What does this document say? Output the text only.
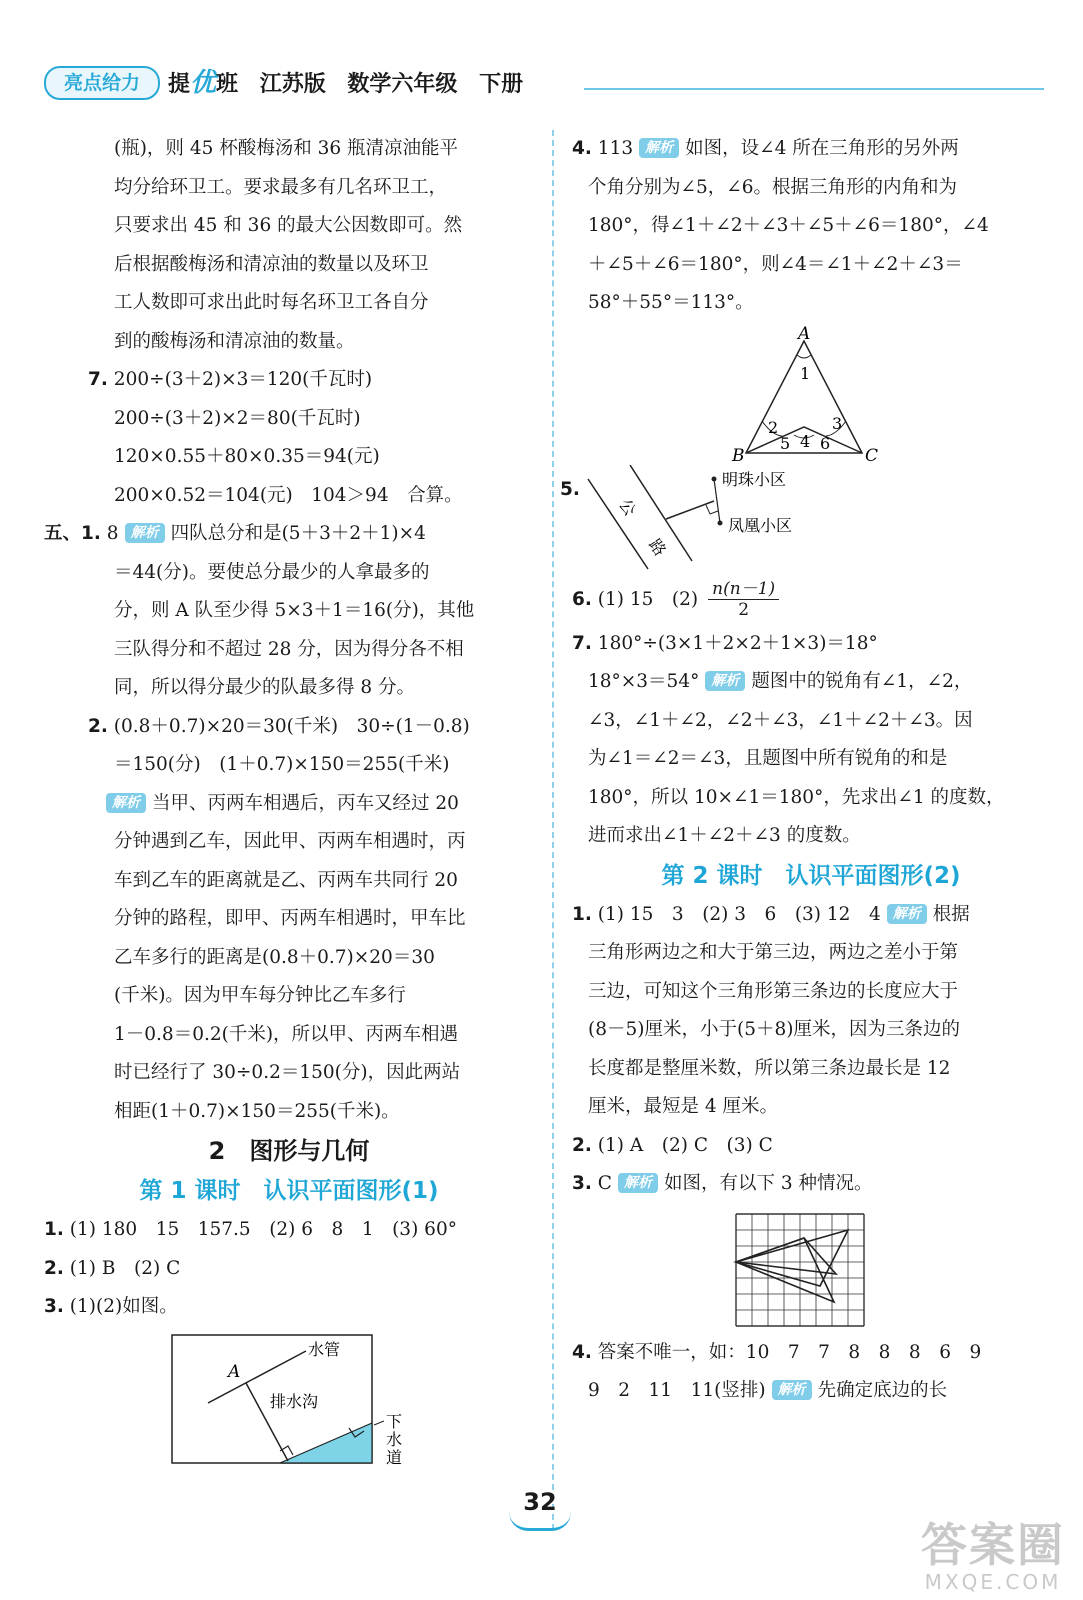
亮点给力	提优班 江苏版 数学六年级 下册
(瓶)，则 45 杯酸梅汤和 36 瓶清凉油能平
均分给环卫工。要求最多有几名环卫工，
只要求出 45 和 36 的最大公因数即可。然
后根据酸梅汤和清凉油的数量以及环卫
工人数即可求出此时每名环卫工各自分
到的酸梅汤和清凉油的数量。
7. 200÷(3＋2)×3＝120(千瓦时)
200÷(3＋2)×2＝80(千瓦时)
120×0.55＋80×0.35＝94(元)
200×0.52＝104(元)　104＞94　合算。
五、1. 8 解析 四队总分和是(5＋3＋2＋1)×4
＝44(分)。要使总分最少的人拿最多的
分，则 A 队至少得 5×3＋1＝16(分)，其他
三队得分和不超过 28 分，因为得分各不相
同，所以得分最少的队最多得 8 分。
2. (0.8＋0.7)×20＝30(千米)　30÷(1－0.8)
＝150(分)　(1＋0.7)×150＝255(千米)
解析 当甲、丙两车相遇后，丙车又经过 20
分钟遇到乙车，因此甲、丙两车相遇时，丙
车到乙车的距离就是乙、丙两车共同行 20
分钟的路程，即甲、丙两车相遇时，甲车比
乙车多行的距离是(0.8＋0.7)×20＝30
(千米)。因为甲车每分钟比乙车多行
1－0.8＝0.2(千米)，所以甲、丙两车相遇
时已经行了 30÷0.2＝150(分)，因此两站
相距(1＋0.7)×150＝255(千米)。
2　图形与几何
第 1 课时　认识平面图形(1)
1. (1) 180　15　157.5　(2) 6　8　1　(3) 60°
2. (1) B　(2) C
3. (1)(2)如图。
A
水管
排水沟
下
水
道
4. 113 解析 如图，设∠4 所在三角形的另外两
个角分别为∠5，∠6。根据三角形的内角和为
180°，得∠1＋∠2＋∠3＋∠5＋∠6＝180°，∠4
＋∠5＋∠6＝180°，则∠4＝∠1＋∠2＋∠3＝
58°＋55°＝113°。
A
B	C
1
2	3
4
5 6
5.
公
路
明珠小区
凤凰小区
6. (1) 15　$(2) \frac{n(n-1)}{2}$
7. 180°÷(3×1＋2×2＋1×3)＝18°
18°×3＝54° 解析 题图中的锐角有∠1，∠2，
∠3，∠1＋∠2，∠2＋∠3，∠1＋∠2＋∠3。因
为∠1＝∠2＝∠3，且题图中所有锐角的和是
180°，所以 10×∠1＝180°，先求出∠1 的度数，
进而求出∠1＋∠2＋∠3 的度数。
第 2 课时　认识平面图形(2)
1. (1) 15　3　(2) 3　6　(3) 12　4 解析 根据
三角形两边之和大于第三边，两边之差小于第
三边，可知这个三角形第三条边的长度应大于
(8－5)厘米，小于(5＋8)厘米，因为三条边的
长度都是整厘米数，所以第三条边最长是 12
厘米，最短是 4 厘米。
2. (1) A　(2) C　(3) C
3. C 解析 如图，有以下 3 种情况。
4. 答案不唯一，如：10　7　7　8　8　8　6　9
9　2　11　11(竖排) 解析 先确定底边的长
32
答案圈
MXQE.COM
